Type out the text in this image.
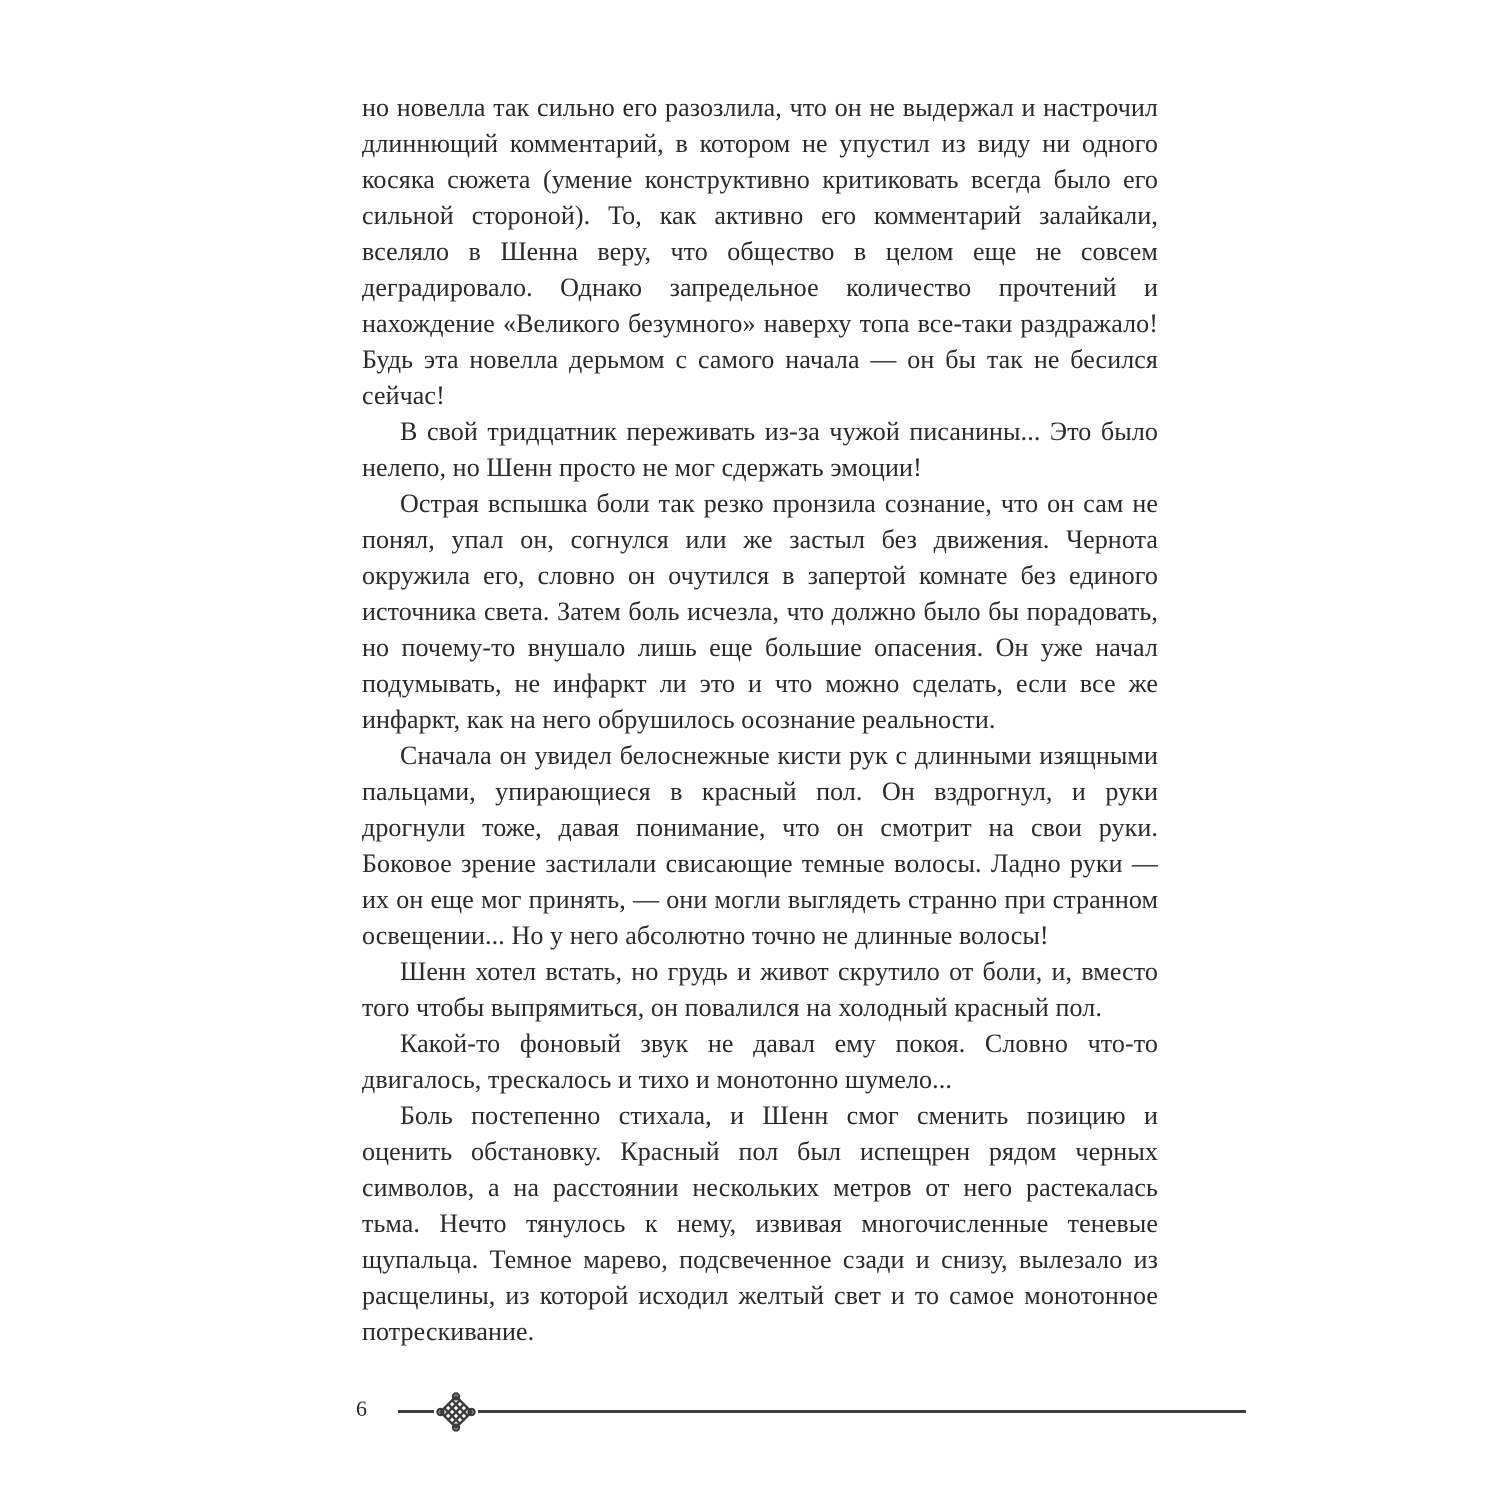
но новелла так сильно его разозлила, что он не выдержал и настрочил длиннющий комментарий, в котором не упустил из виду ни одного косяка сюжета (умение конструктивно критиковать всегда было его сильной стороной). То, как активно его комментарий залайкали, вселяло в Шенна веру, что общество в целом еще не совсем деградировало. Однако запредельное количество прочтений и нахождение «Великого безумного» наверху топа все-таки раздражало! Будь эта новелла дерьмом с самого начала — он бы так не бесился сейчас!

В свой тридцатник переживать из-за чужой писанины... Это было нелепо, но Шенн просто не мог сдержать эмоции!

Острая вспышка боли так резко пронзила сознание, что он сам не понял, упал он, согнулся или же застыл без движения. Чернота окружила его, словно он очутился в запертой комнате без единого источника света. Затем боль исчезла, что должно было бы порадовать, но почему-то внушало лишь еще большие опасения. Он уже начал подумывать, не инфаркт ли это и что можно сделать, если все же инфаркт, как на него обрушилось осознание реальности.

Сначала он увидел белоснежные кисти рук с длинными изящными пальцами, упирающиеся в красный пол. Он вздрогнул, и руки дрогнули тоже, давая понимание, что он смотрит на свои руки. Боковое зрение застилали свисающие темные волосы. Ладно руки — их он еще мог принять, — они могли выглядеть странно при странном освещении... Но у него абсолютно точно не длинные волосы!

Шенн хотел встать, но грудь и живот скрутило от боли, и, вместо того чтобы выпрямиться, он повалился на холодный красный пол.

Какой-то фоновый звук не давал ему покоя. Словно что-то двигалось, трескалось и тихо и монотонно шумело...

Боль постепенно стихала, и Шенн смог сменить позицию и оценить обстановку. Красный пол был испещрен рядом черных символов, а на расстоянии нескольких метров от него растекалась тьма. Нечто тянулось к нему, извивая многочисленные теневые щупальца. Темное марево, подсвеченное сзади и снизу, вылезало из расщелины, из которой исходил желтый свет и то самое монотонное потрескивание.

6
